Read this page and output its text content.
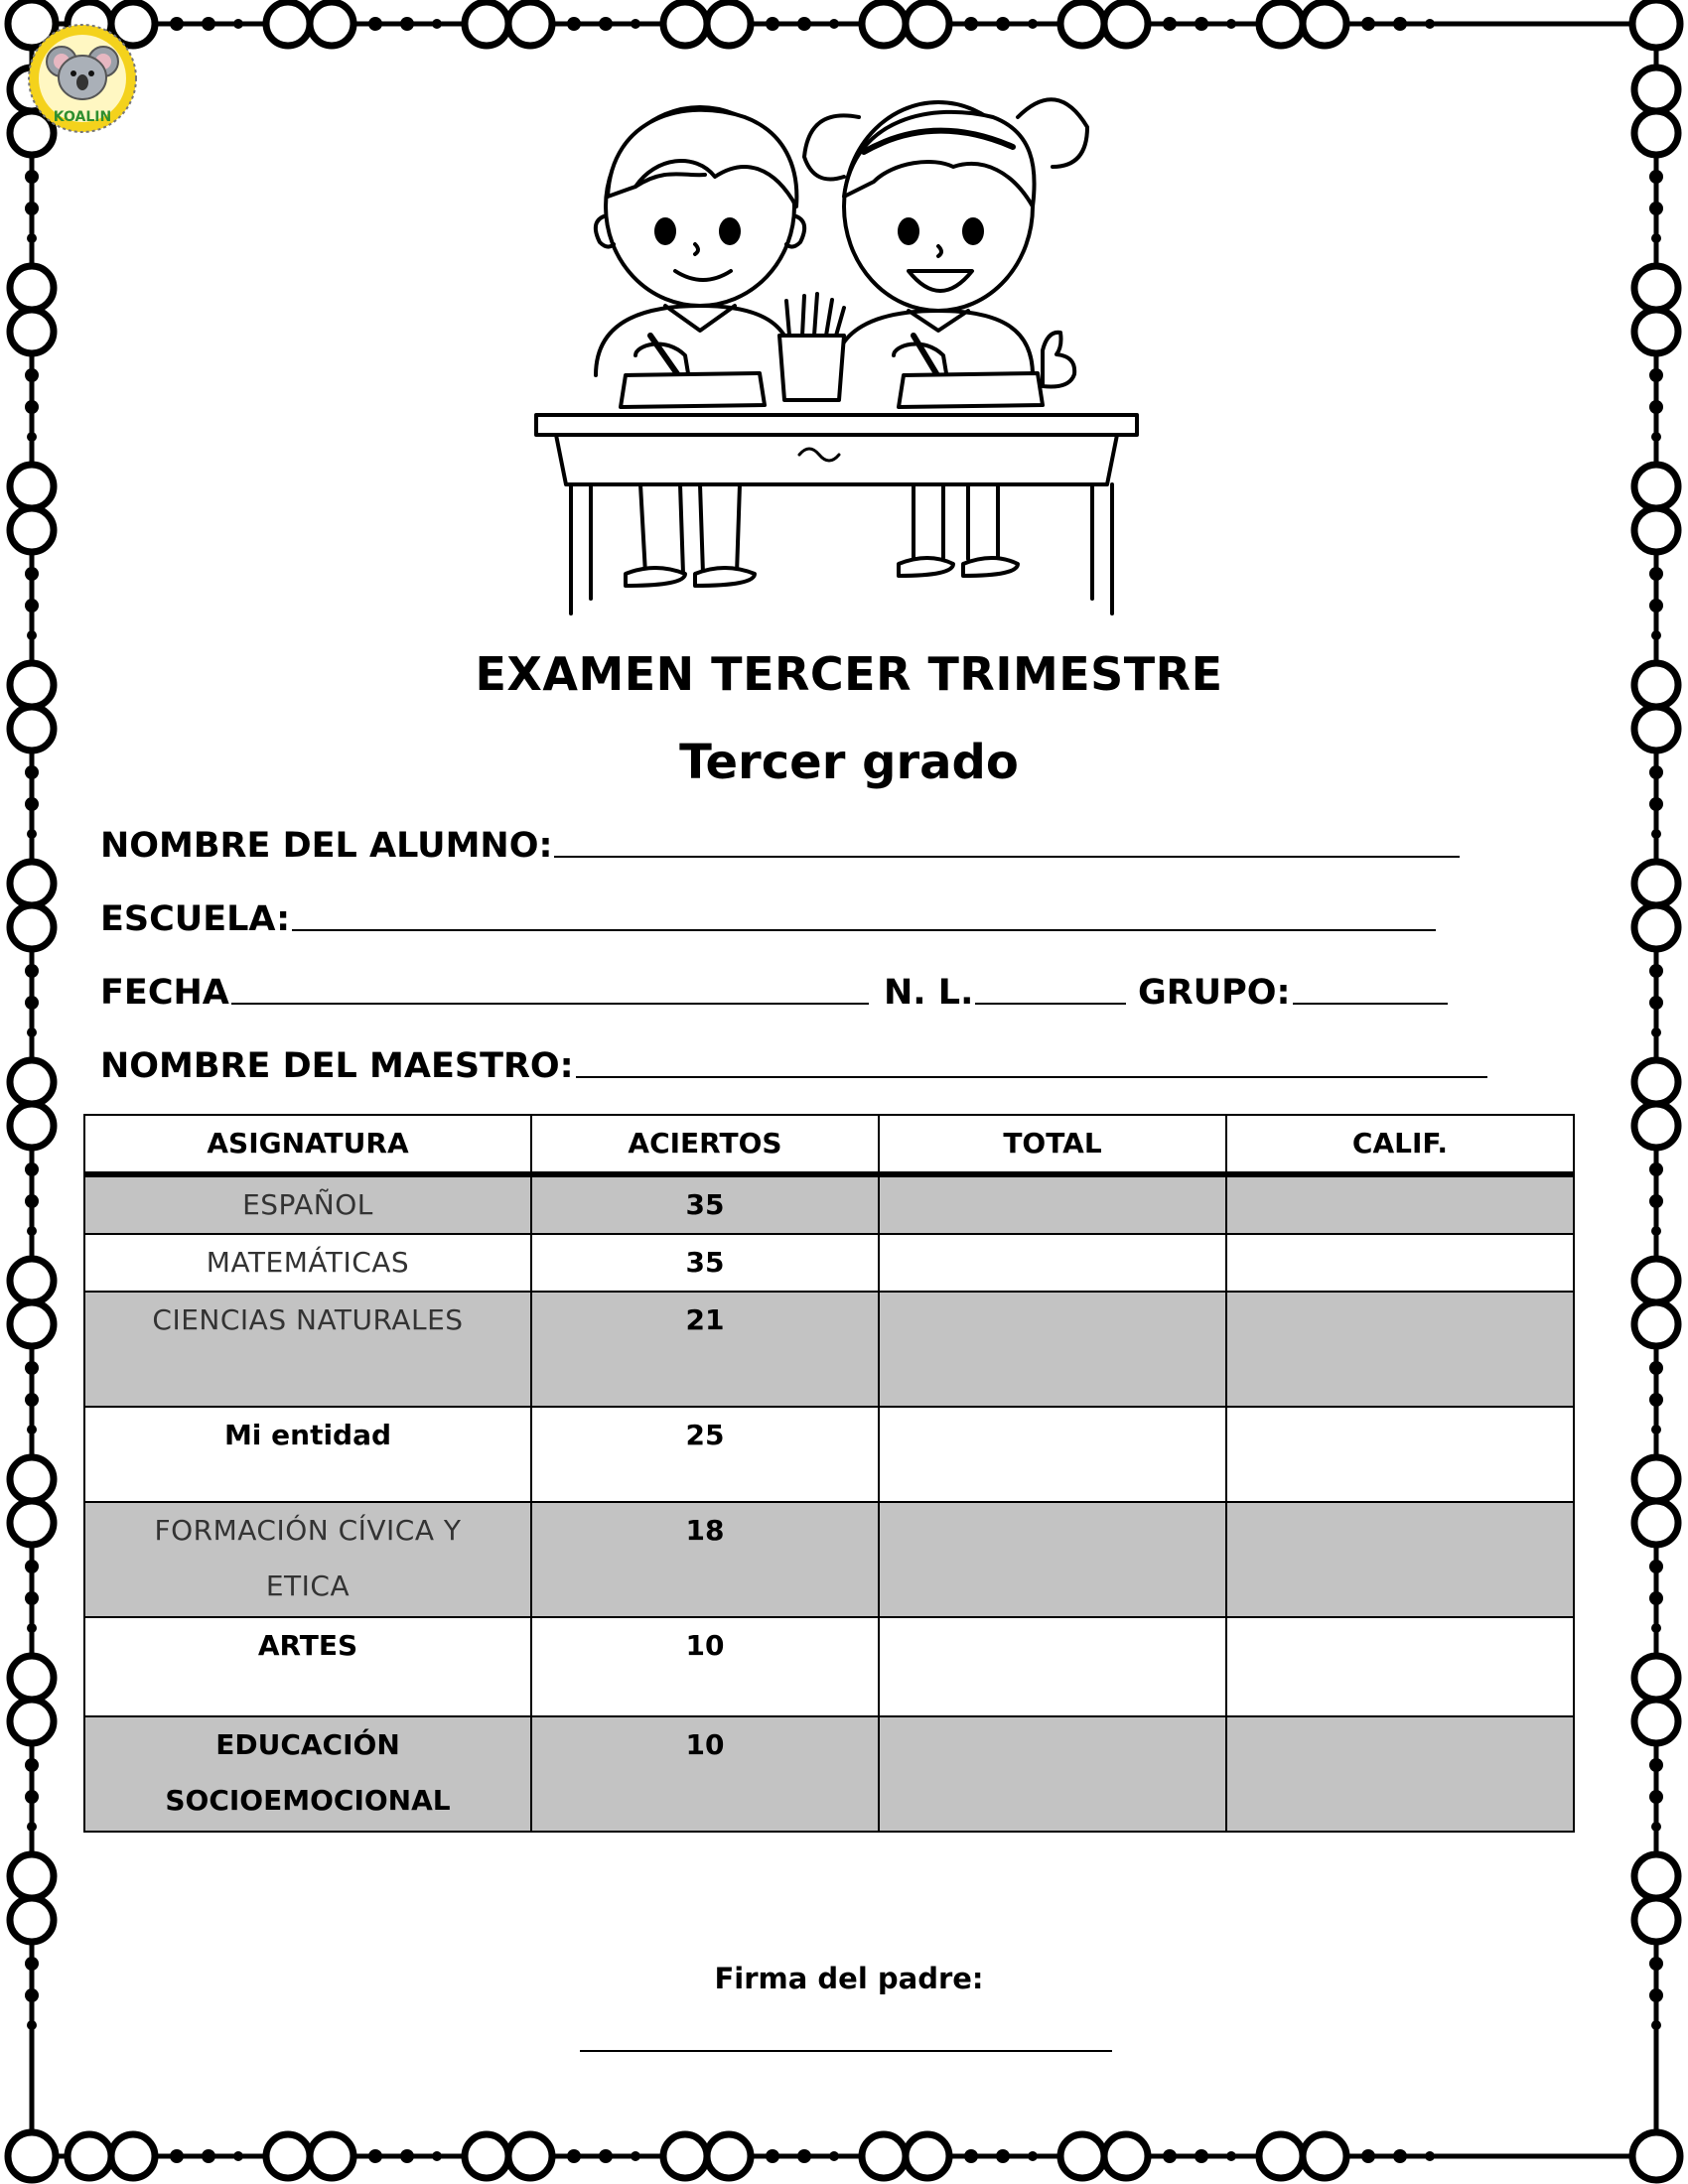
KOALIN
EXAMEN TERCER TRIMESTRE
Tercer grado
NOMBRE DEL ALUMNO:
ESCUELA:
FECHA	N. L.	GRUPO:
NOMBRE DEL MAESTRO:
ASIGNATURA	ACIERTOS	TOTAL	CALIF.

ESPAÑOL	35		

MATEMÁTICAS	35		

CIENCIAS NATURALES	21		

Mi entidad	25		

FORMACIÓN CÍVICA Y
ETICA	18		

ARTES	10		

EDUCACIÓN
SOCIOEMOCIONAL	10		
Firma del padre:
